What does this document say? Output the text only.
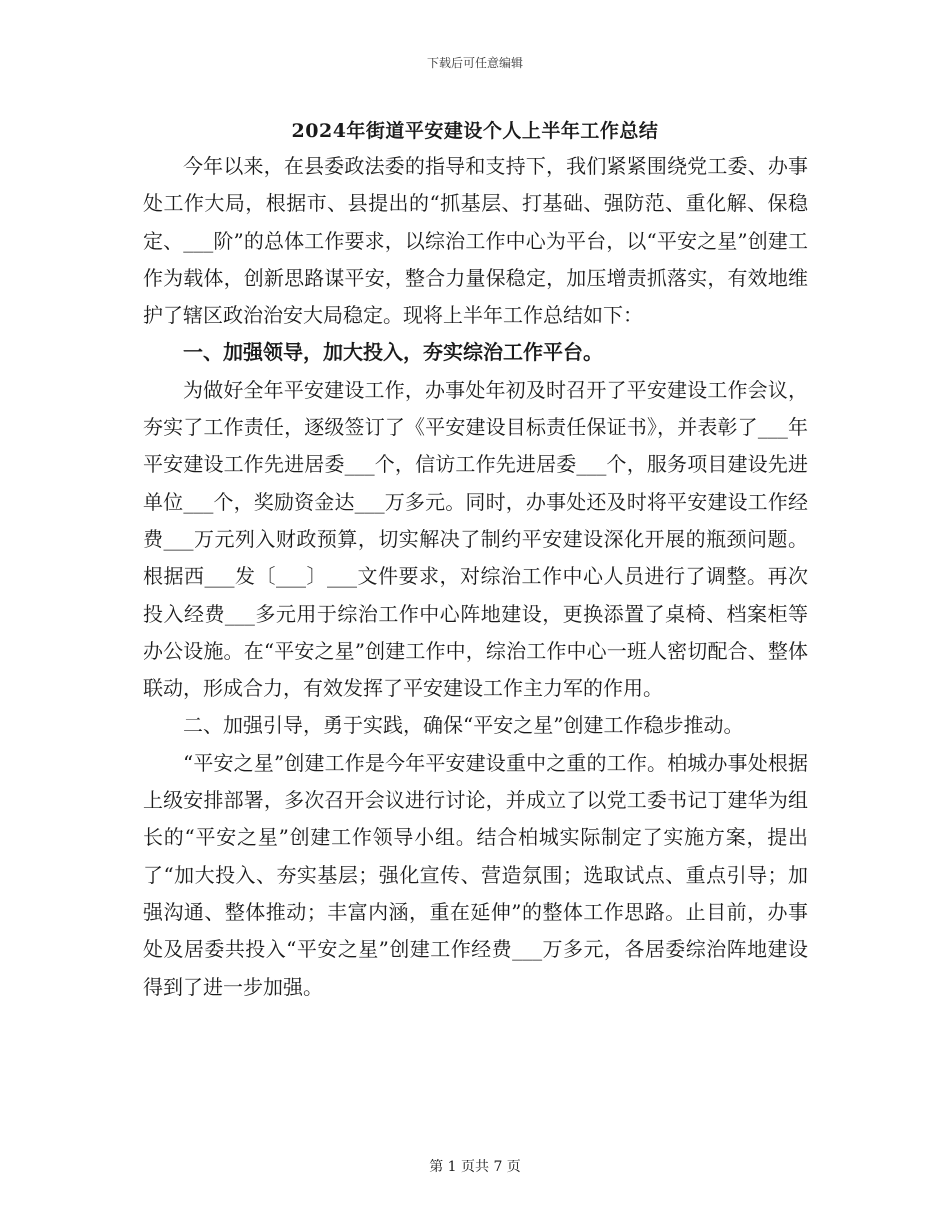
下载后可任意编辑
2024年街道平安建设个人上半年工作总结

今年以来，在县委政法委的指导和支持下，我们紧紧围绕党工委、办事处工作大局，根据市、县提出的“抓基层、打基础、强防范、重化解、保稳定、___阶”的总体工作要求，以综治工作中心为平台，以“平安之星”创建工作为载体，创新思路谋平安，整合力量保稳定，加压增责抓落实，有效地维护了辖区政治治安大局稳定。现将上半年工作总结如下：

一、加强领导，加大投入，夯实综治工作平台。

为做好全年平安建设工作，办事处年初及时召开了平安建设工作会议，夯实了工作责任，逐级签订了《平安建设目标责任保证书》，并表彰了___年平安建设工作先进居委___个，信访工作先进居委___个，服务项目建设先进单位___个，奖励资金达___万多元。同时，办事处还及时将平安建设工作经费___万元列入财政预算，切实解决了制约平安建设深化开展的瓶颈问题。根据西___发〔___〕___文件要求，对综治工作中心人员进行了调整。再次投入经费___多元用于综治工作中心阵地建设，更换添置了桌椅、档案柜等办公设施。在“平安之星”创建工作中，综治工作中心一班人密切配合、整体联动，形成合力，有效发挥了平安建设工作主力军的作用。

二、加强引导，勇于实践，确保“平安之星”创建工作稳步推动。

“平安之星”创建工作是今年平安建设重中之重的工作。柏城办事处根据上级安排部署，多次召开会议进行讨论，并成立了以党工委书记丁建华为组长的“平安之星”创建工作领导小组。结合柏城实际制定了实施方案，提出了“加大投入、夯实基层；强化宣传、营造氛围；选取试点、重点引导；加强沟通、整体推动；丰富内涵，重在延伸”的整体工作思路。止目前，办事处及居委共投入“平安之星”创建工作经费___万多元，各居委综治阵地建设得到了进一步加强。

第 1 页共 7 页
